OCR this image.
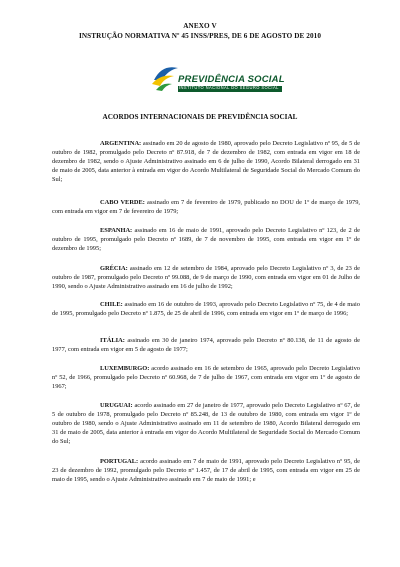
ANEXO V
INSTRUÇÃO NORMATIVA Nº 45 INSS/PRES, DE 6 DE AGOSTO DE 2010
PREVIDÊNCIA SOCIAL
INSTITUTO NACIONAL DO SEGURO SOCIAL
ACORDOS INTERNACIONAIS DE PREVIDÊNCIA SOCIAL
ARGENTINA: assinado em 20 de agosto de 1980, aprovado pelo Decreto Legislativo nº 95, de 5 de outubro de 1982, promulgado pelo Decreto nº 87.918, de 7 de dezembro de 1982, com entrada em vigor em 18 de dezembro de 1982, sendo o Ajuste Administrativo assinado em 6 de julho de 1990, Acordo Bilateral derrogado em 31 de maio de 2005, data anterior à entrada em vigor do Acordo Multilateral de Seguridade Social do Mercado Comum do Sul;
CABO VERDE: assinado em 7 de fevereiro de 1979, publicado no DOU de 1º de março de 1979, com entrada em vigor em 7 de fevereiro de 1979;
ESPANHA: assinado em 16 de maio de 1991, aprovado pelo Decreto Legislativo nº 123, de 2 de outubro de 1995, promulgado pelo Decreto nº 1689, de 7 de novembro de 1995, com entrada em vigor em 1º de dezembro de 1995;
GRÉCIA: assinado em 12 de setembro de 1984, aprovado pelo Decreto Legislativo nº 3, de 23 de outubro de 1987, promulgado pelo Decreto nº 99.088, de 9 de março de 1990, com entrada em vigor em 01 de Julho de 1990, sendo o Ajuste Administrativo assinado em 16 de julho de 1992;
CHILE: assinado em 16 de outubro de 1993, aprovado pelo Decreto Legislativo nº 75, de 4 de maio de 1995, promulgado pelo Decreto nº 1.875, de 25 de abril de 1996, com entrada em vigor em 1º de março de 1996;
ITÁLIA: assinado em 30 de janeiro 1974, aprovado pelo Decreto nº 80.138, de 11 de agosto de 1977, com entrada em vigor em 5 de agosto de 1977;
LUXEMBURGO: acordo assinado em 16 de setembro de 1965, aprovado pelo Decreto Legislativo nº 52, de 1966, promulgado pelo Decreto nº 60.968, de 7 de julho de 1967, com entrada em vigor em 1º de agosto de 1967;
URUGUAI: acordo assinado em 27 de janeiro de 1977, aprovado pelo Decreto Legislativo nº 67, de 5 de outubro de 1978, promulgado pelo Decreto nº 85.248, de 13 de outubro de 1980, com entrada em vigor 1º de outubro de 1980, sendo o Ajuste Administrativo assinado em 11 de setembro de 1980, Acordo Bilateral derrogado em 31 de maio de 2005, data anterior à entrada em vigor do Acordo Multilateral de Seguridade Social do Mercado Comum do Sul;
PORTUGAL: acordo assinado em 7 de maio de 1991, aprovado pelo Decreto Legislativo nº 95, de 23 de dezembro de 1992, promulgado pelo Decreto nº 1.457, de 17 de abril de 1995, com entrada em vigor em 25 de maio de 1995, sendo o Ajuste Administrativo assinado em 7 de maio de 1991; e
